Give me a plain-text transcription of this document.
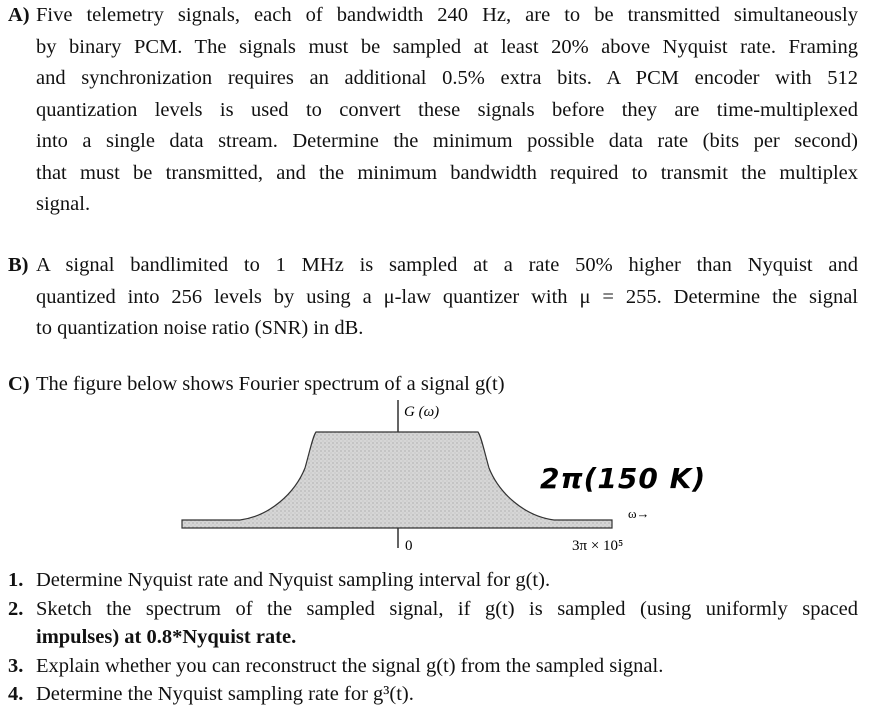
A) Five telemetry signals, each of bandwidth 240 Hz, are to be transmitted simultaneously
by binary PCM. The signals must be sampled at least 20% above Nyquist rate. Framing
and synchronization requires an additional 0.5% extra bits. A PCM encoder with 512
quantization levels is used to convert these signals before they are time-multiplexed
into a single data stream. Determine the minimum possible data rate (bits per second)
that must be transmitted, and the minimum bandwidth required to transmit the multiplex
signal.
B) A signal bandlimited to 1 MHz is sampled at a rate 50% higher than Nyquist and
quantized into 256 levels by using a μ-law quantizer with μ = 255. Determine the signal
to quantization noise ratio (SNR) in dB.
C) The figure below shows Fourier spectrum of a signal g(t)
G (ω)
0	3π × 10⁵
ω→
2π(150 K)
1. Determine Nyquist rate and Nyquist sampling interval for g(t).
2. Sketch the spectrum of the sampled signal, if g(t) is sampled (using uniformly spaced
impulses) at 0.8*Nyquist rate.
3. Explain whether you can reconstruct the signal g(t) from the sampled signal.
4. Determine the Nyquist sampling rate for g³(t).
